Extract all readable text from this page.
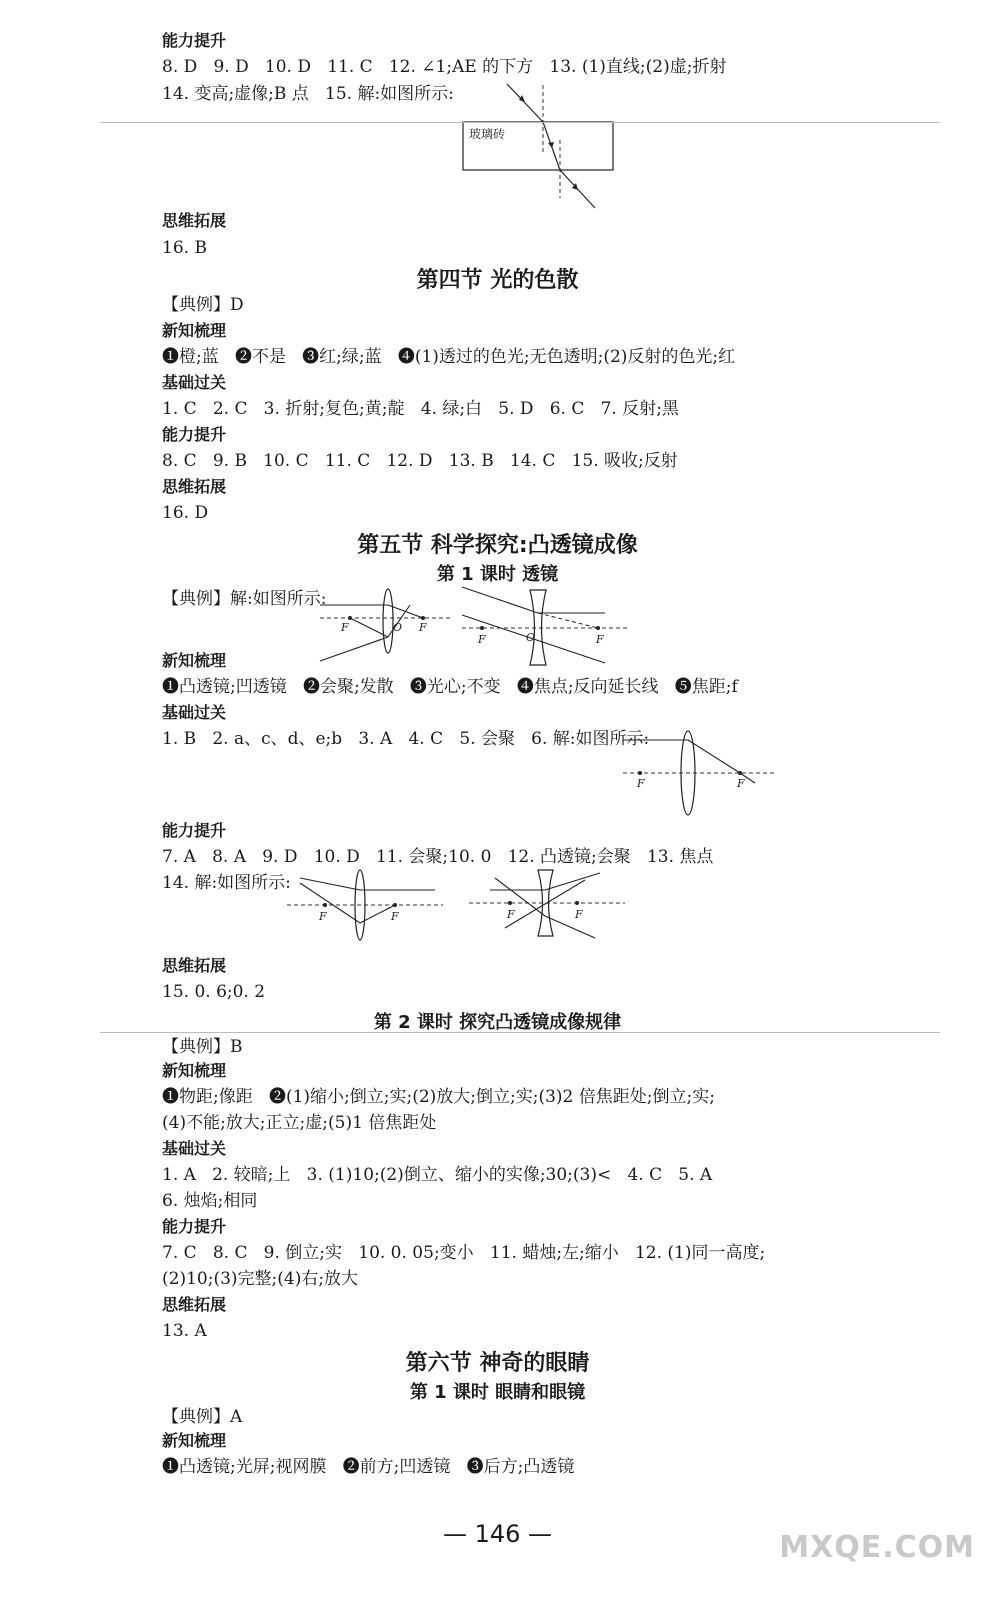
能力提升
8. D   9. D   10. D   11. C   12. ∠1;AE 的下方   13. (1)直线;(2)虚;折射
14. 变高;虚像;B 点   15. 解:如图所示:
玻璃砖
思维拓展
16. B
第四节 光的色散
【典例】D
新知梳理
❶橙;蓝   ❷不是   ❸红;绿;蓝   ❹(1)透过的色光;无色透明;(2)反射的色光;红
基础过关
1. C   2. C   3. 折射;复色;黄;靛   4. 绿;白   5. D   6. C   7. 反射;黑
能力提升
8. C   9. B   10. C   11. C   12. D   13. B   14. C   15. 吸收;反射
思维拓展
16. D
第五节 科学探究:凸透镜成像
第 1 课时 透镜
【典例】解:如图所示:
F	O F
F	O	F
新知梳理
❶凸透镜;凹透镜   ❷会聚;发散   ❸光心;不变   ❹焦点;反向延长线   ❺焦距;f
基础过关
1. B   2. a、c、d、e;b   3. A   4. C   5. 会聚   6. 解:如图所示:
F	F
能力提升
7. A   8. A   9. D   10. D   11. 会聚;10. 0   12. 凸透镜;会聚   13. 焦点
14. 解:如图所示:
F	F	F	F
思维拓展
15. 0. 6;0. 2
第 2 课时 探究凸透镜成像规律
【典例】B
新知梳理
❶物距;像距   ❷(1)缩小;倒立;实;(2)放大;倒立;实;(3)2 倍焦距处;倒立;实;
(4)不能;放大;正立;虚;(5)1 倍焦距处
基础过关
1. A   2. 较暗;上   3. (1)10;(2)倒立、缩小的实像;30;(3)<   4. C   5. A
6. 烛焰;相同
能力提升
7. C   8. C   9. 倒立;实   10. 0. 05;变小   11. 蜡烛;左;缩小   12. (1)同一高度;
(2)10;(3)完整;(4)右;放大
思维拓展
13. A
第六节 神奇的眼睛
第 1 课时 眼睛和眼镜
【典例】A
新知梳理
❶凸透镜;光屏;视网膜   ❷前方;凹透镜   ❸后方;凸透镜
— 146 —	MXQE.COM
